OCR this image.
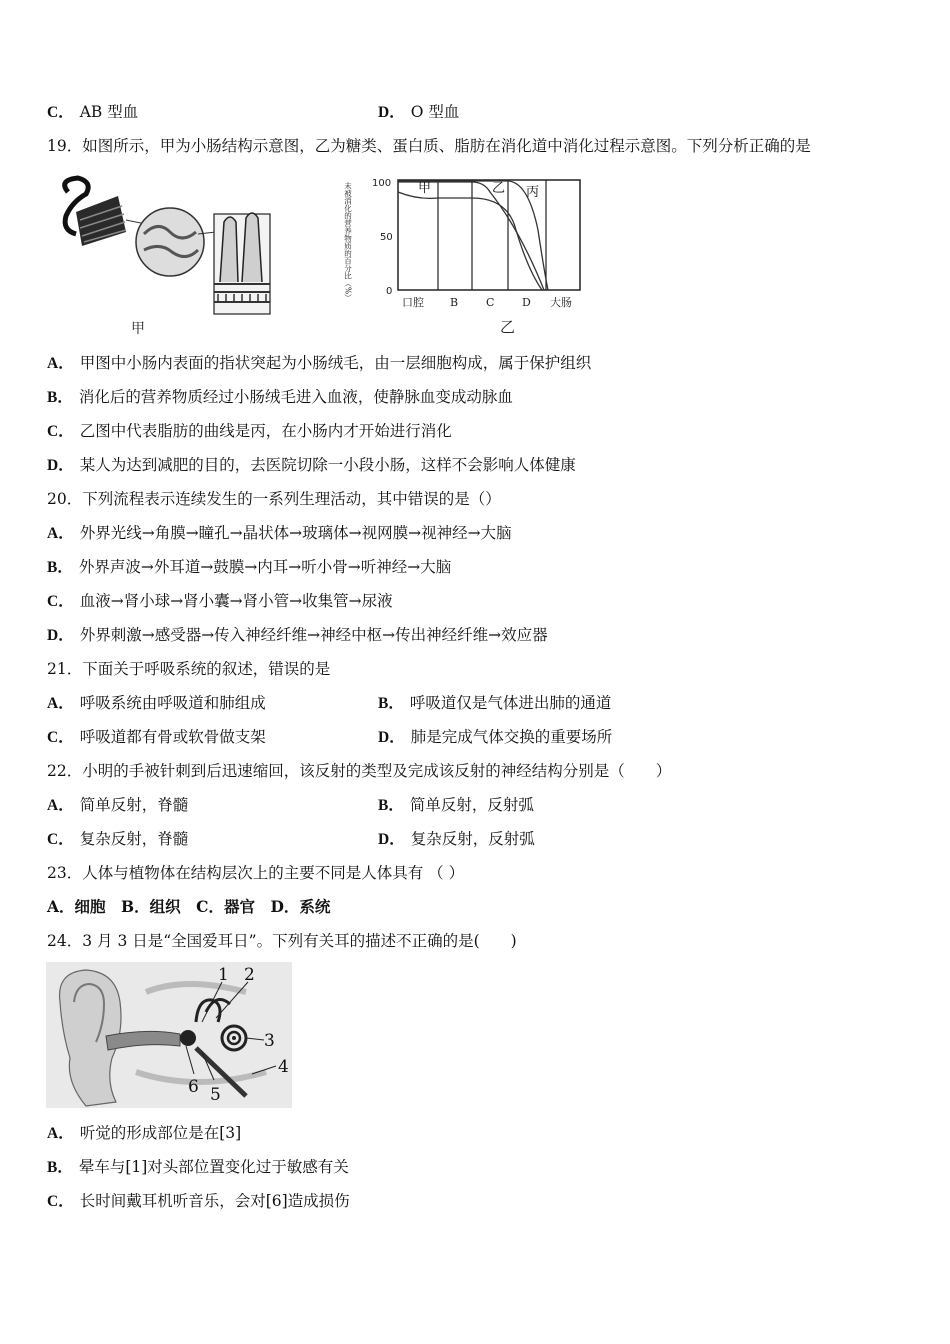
C． AB 型血	D． O 型血
19．如图所示，甲为小肠结构示意图，乙为糖类、蛋白质、脂肪在消化道中消化过程示意图。下列分析正确的是
甲
未被消化的营养物质的百分比（%） 100
50
0
甲	乙 丙
口腔 B	C	D 大肠
乙
A． 甲图中小肠内表面的指状突起为小肠绒毛，由一层细胞构成，属于保护组织
B． 消化后的营养物质经过小肠绒毛进入血液，使静脉血变成动脉血
C． 乙图中代表脂肪的曲线是丙，在小肠内才开始进行消化
D． 某人为达到减肥的目的，去医院切除一小段小肠，这样不会影响人体健康
20．下列流程表示连续发生的一系列生理活动，其中错误的是（）
A． 外界光线→角膜→瞳孔→晶状体→玻璃体→视网膜→视神经→大脑
B． 外界声波→外耳道→鼓膜→内耳→听小骨→听神经→大脑
C． 血液→肾小球→肾小囊→肾小管→收集管→尿液
D． 外界刺激→感受器→传入神经纤维→神经中枢→传出神经纤维→效应器
21．下面关于呼吸系统的叙述，错误的是
A． 呼吸系统由呼吸道和肺组成	B． 呼吸道仅是气体进出肺的通道
C． 呼吸道都有骨或软骨做支架	D． 肺是完成气体交换的重要场所
22．小明的手被针刺到后迅速缩回，该反射的类型及完成该反射的神经结构分别是（　　）
A． 简单反射，脊髓	B． 简单反射，反射弧
C． 复杂反射，脊髓	D． 复杂反射，反射弧
23．人体与植物体在结构层次上的主要不同是人体具有 （ ）
A．细胞　B．组织　C．器官　D．系统
24．3 月 3 日是“全国爱耳日”。下列有关耳的描述不正确的是(　　)
1 2
3
4
5
6
A． 听觉的形成部位是在[3]
B． 晕车与[1]对头部位置变化过于敏感有关
C． 长时间戴耳机听音乐，会对[6]造成损伤
